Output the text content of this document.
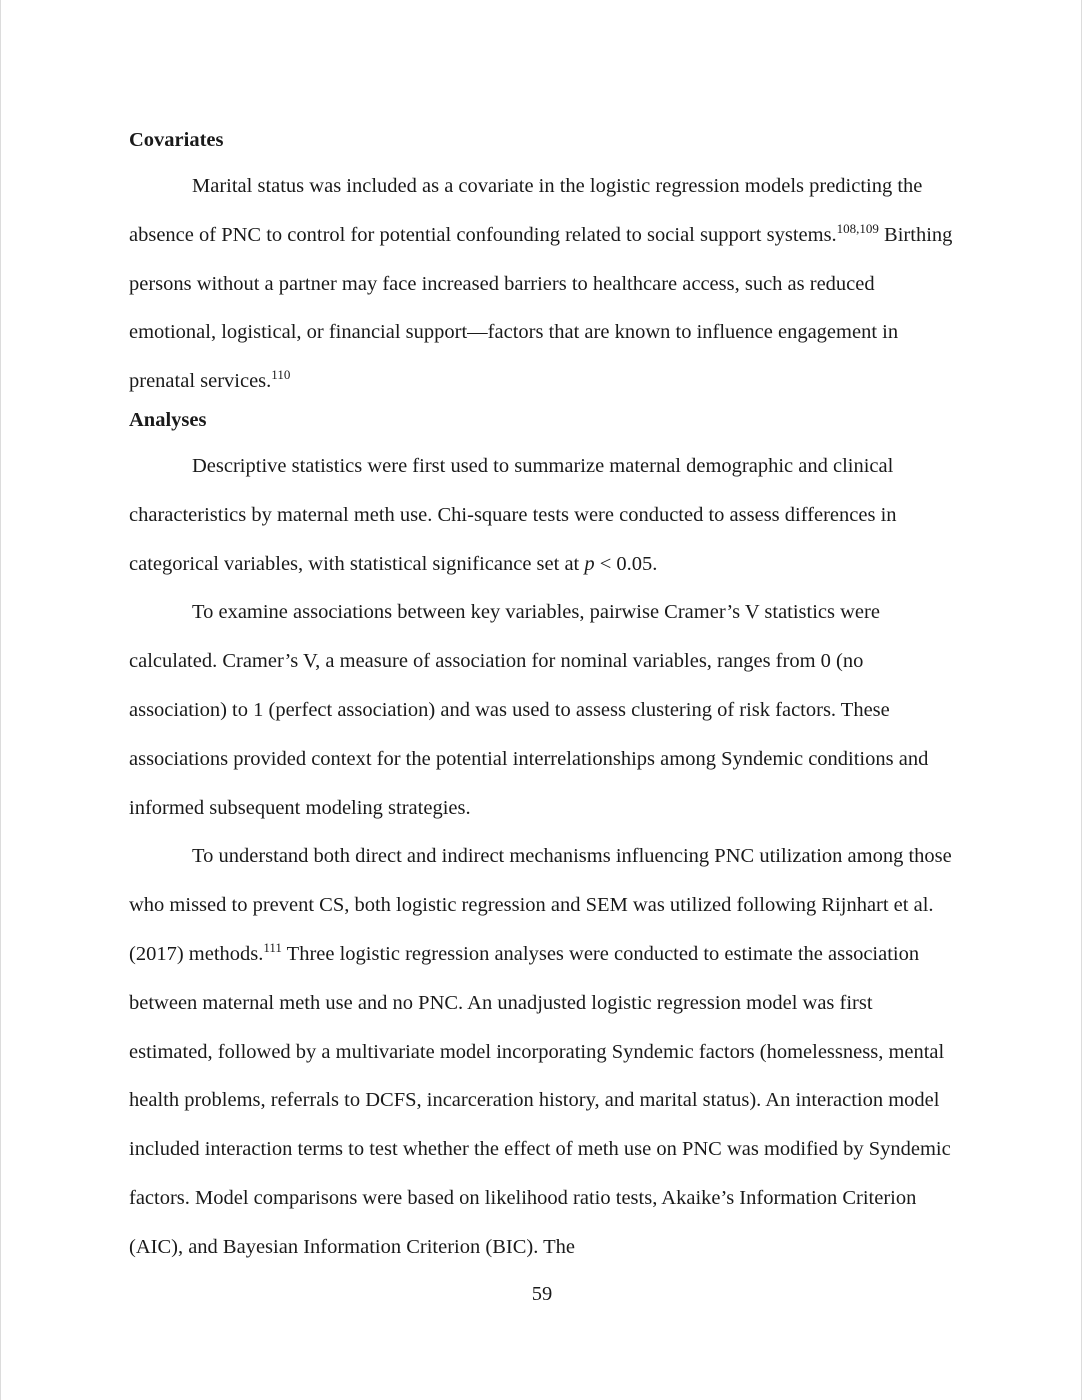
Covariates

Marital status was included as a covariate in the logistic regression models predicting the absence of PNC to control for potential confounding related to social support systems.$^{108,109}$ Birthing persons without a partner may face increased barriers to healthcare access, such as reduced emotional, logistical, or financial support—factors that are known to influence engagement in prenatal services.$^{110}$

Analyses

Descriptive statistics were first used to summarize maternal demographic and clinical characteristics by maternal meth use. Chi-square tests were conducted to assess differences in categorical variables, with statistical significance set at p < 0.05.

To examine associations between key variables, pairwise Cramer’s V statistics were calculated. Cramer’s V, a measure of association for nominal variables, ranges from 0 (no association) to 1 (perfect association) and was used to assess clustering of risk factors. These associations provided context for the potential interrelationships among Syndemic conditions and informed subsequent modeling strategies.

To understand both direct and indirect mechanisms influencing PNC utilization among those who missed to prevent CS, both logistic regression and SEM was utilized following Rijnhart et al. (2017) methods.$^{111}$ Three logistic regression analyses were conducted to estimate the association between maternal meth use and no PNC. An unadjusted logistic regression model was first estimated, followed by a multivariate model incorporating Syndemic factors (homelessness, mental health problems, referrals to DCFS, incarceration history, and marital status). An interaction model included interaction terms to test whether the effect of meth use on PNC was modified by Syndemic factors. Model comparisons were based on likelihood ratio tests, Akaike’s Information Criterion (AIC), and Bayesian Information Criterion (BIC). The

59
